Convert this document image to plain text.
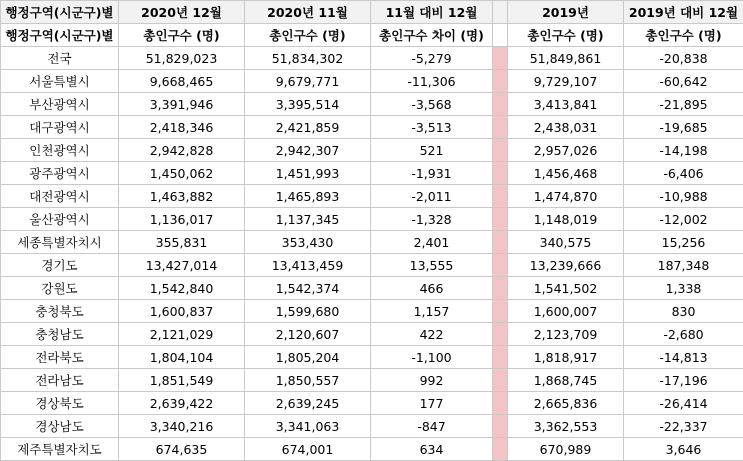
행정구역(시군구)별	2020년 12월	2020년 11월	11월 대비 12월		2019년	2019년 대비 12월
행정구역(시군구)별	총인구수 (명)	총인구수 (명)	총인구수 차이 (명)		총인구수 (명)	총인구수 (명)
전국	51,829,023	51,834,302	-5,279		51,849,861	-20,838
서울특별시	9,668,465	9,679,771	-11,306		9,729,107	-60,642
부산광역시	3,391,946	3,395,514	-3,568		3,413,841	-21,895
대구광역시	2,418,346	2,421,859	-3,513		2,438,031	-19,685
인천광역시	2,942,828	2,942,307	521		2,957,026	-14,198
광주광역시	1,450,062	1,451,993	-1,931		1,456,468	-6,406
대전광역시	1,463,882	1,465,893	-2,011		1,474,870	-10,988
울산광역시	1,136,017	1,137,345	-1,328		1,148,019	-12,002
세종특별자치시	355,831	353,430	2,401		340,575	15,256
경기도	13,427,014	13,413,459	13,555		13,239,666	187,348
강원도	1,542,840	1,542,374	466		1,541,502	1,338
충청북도	1,600,837	1,599,680	1,157		1,600,007	830
충청남도	2,121,029	2,120,607	422		2,123,709	-2,680
전라북도	1,804,104	1,805,204	-1,100		1,818,917	-14,813
전라남도	1,851,549	1,850,557	992		1,868,745	-17,196
경상북도	2,639,422	2,639,245	177		2,665,836	-26,414
경상남도	3,340,216	3,341,063	-847		3,362,553	-22,337
제주특별자치도	674,635	674,001	634		670,989	3,646
